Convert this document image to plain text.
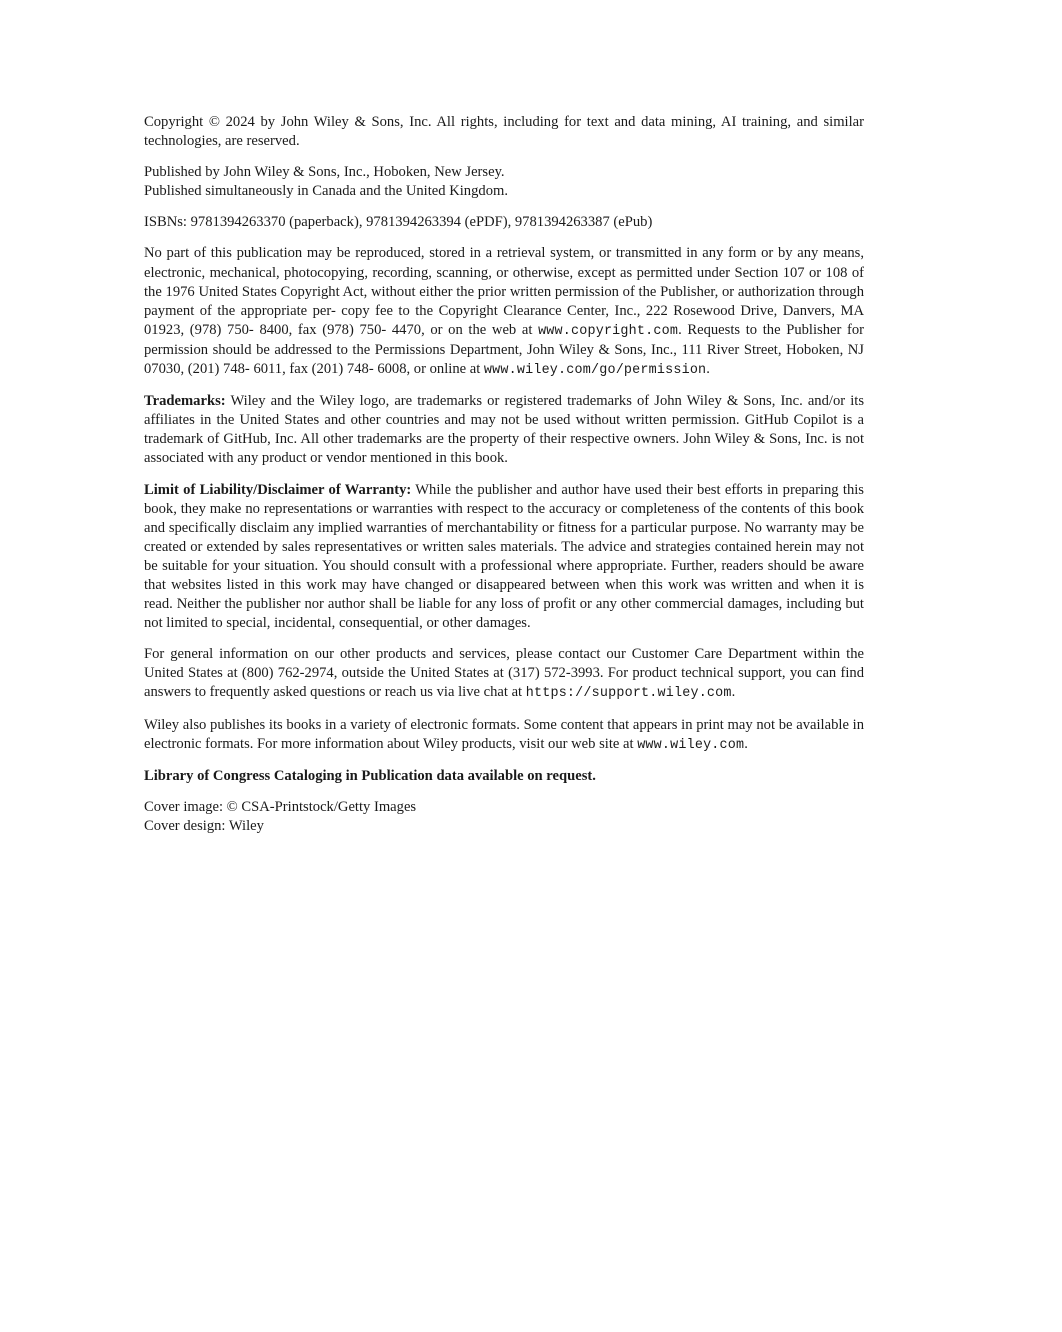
Copyright © 2024 by John Wiley & Sons, Inc. All rights, including for text and data mining, AI training, and similar technologies, are reserved.

Published by John Wiley & Sons, Inc., Hoboken, New Jersey.
Published simultaneously in Canada and the United Kingdom.

ISBNs: 9781394263370 (paperback), 9781394263394 (ePDF), 9781394263387 (ePub)

No part of this publication may be reproduced, stored in a retrieval system, or transmitted in any form or by any means, electronic, mechanical, photocopying, recording, scanning, or otherwise, except as permitted under Section 107 or 108 of the 1976 United States Copyright Act, without either the prior written permission of the Publisher, or authorization through payment of the appropriate per- copy fee to the Copyright Clearance Center, Inc., 222 Rosewood Drive, Danvers, MA 01923, (978) 750- 8400, fax (978) 750- 4470, or on the web at www.copyright.com. Requests to the Publisher for permission should be addressed to the Permissions Department, John Wiley & Sons, Inc., 111 River Street, Hoboken, NJ 07030, (201) 748- 6011, fax (201) 748- 6008, or online at www.wiley.com/go/permission.

Trademarks: Wiley and the Wiley logo, are trademarks or registered trademarks of John Wiley & Sons, Inc. and/or its affiliates in the United States and other countries and may not be used without written permission. GitHub Copilot is a trademark of GitHub, Inc. All other trademarks are the property of their respective owners. John Wiley & Sons, Inc. is not associated with any product or vendor mentioned in this book.

Limit of Liability/Disclaimer of Warranty: While the publisher and author have used their best efforts in preparing this book, they make no representations or warranties with respect to the accuracy or completeness of the contents of this book and specifically disclaim any implied warranties of merchantability or fitness for a particular purpose. No warranty may be created or extended by sales representatives or written sales materials. The advice and strategies contained herein may not be suitable for your situation. You should consult with a professional where appropriate. Further, readers should be aware that websites listed in this work may have changed or disappeared between when this work was written and when it is read. Neither the publisher nor author shall be liable for any loss of profit or any other commercial damages, including but not limited to special, incidental, consequential, or other damages.

For general information on our other products and services, please contact our Customer Care Department within the United States at (800) 762-2974, outside the United States at (317) 572-3993. For product technical support, you can find answers to frequently asked questions or reach us via live chat at https://support.wiley.com.

Wiley also publishes its books in a variety of electronic formats. Some content that appears in print may not be available in electronic formats. For more information about Wiley products, visit our web site at www.wiley.com.

Library of Congress Cataloging in Publication data available on request.

Cover image: © CSA-Printstock/Getty Images
Cover design: Wiley
